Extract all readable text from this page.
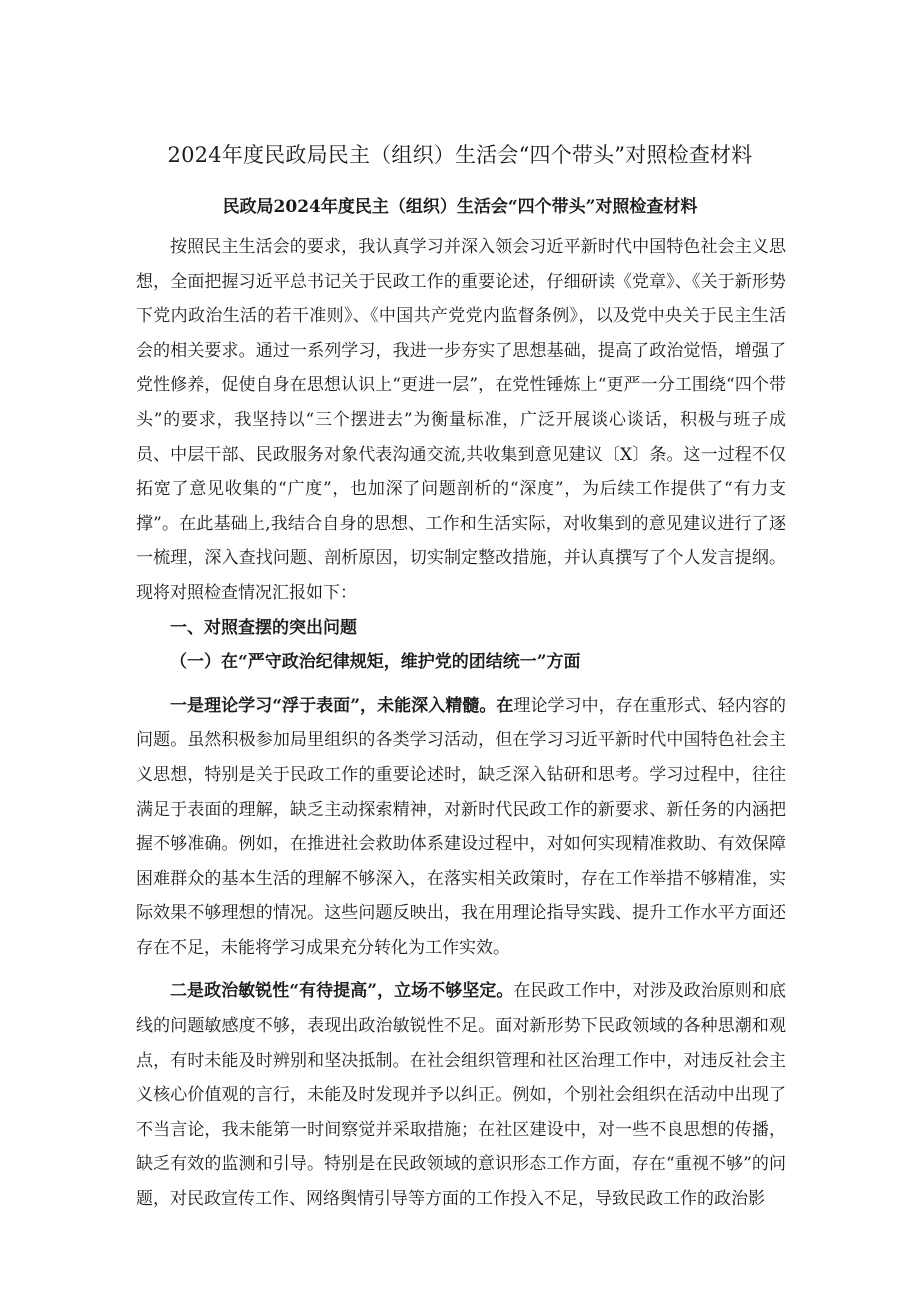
2024年度民政局民主（组织）生活会“四个带头”对照检查材料
民政局2024年度民主（组织）生活会“四个带头”对照检查材料

按照民主生活会的要求，我认真学习并深入领会习近平新时代中国特色社会主义思想，全面把握习近平总书记关于民政工作的重要论述，仔细研读《党章》、《关于新形势下党内政治生活的若干准则》、《中国共产党党内监督条例》，以及党中央关于民主生活会的相关要求。通过一系列学习，我进一步夯实了思想基础，提高了政治觉悟，增强了党性修养，促使自身在思想认识上“更进一层”，在党性锤炼上“更严一分工围绕“四个带头”的要求，我坚持以“三个摆进去”为衡量标准，广泛开展谈心谈话，积极与班子成员、中层干部、民政服务对象代表沟通交流,共收集到意见建议〔X〕条。这一过程不仅拓宽了意见收集的“广度”，也加深了问题剖析的“深度”，为后续工作提供了“有力支撑”。在此基础上,我结合自身的思想、工作和生活实际，对收集到的意见建议进行了逐一梳理，深入查找问题、剖析原因，切实制定整改措施，并认真撰写了个人发言提纲。现将对照检查情况汇报如下：

一、对照查摆的突出问题

（一）在“严守政治纪律规矩，维护党的团结统一”方面

一是理论学习“浮于表面”，未能深入精髓。在理论学习中，存在重形式、轻内容的问题。虽然积极参加局里组织的各类学习活动，但在学习习近平新时代中国特色社会主义思想，特别是关于民政工作的重要论述时，缺乏深入钻研和思考。学习过程中，往往满足于表面的理解，缺乏主动探索精神，对新时代民政工作的新要求、新任务的内涵把握不够准确。例如，在推进社会救助体系建设过程中，对如何实现精准救助、有效保障困难群众的基本生活的理解不够深入，在落实相关政策时，存在工作举措不够精准，实际效果不够理想的情况。这些问题反映出，我在用理论指导实践、提升工作水平方面还存在不足，未能将学习成果充分转化为工作实效。

二是政治敏锐性“有待提高”，立场不够坚定。在民政工作中，对涉及政治原则和底线的问题敏感度不够，表现出政治敏锐性不足。面对新形势下民政领域的各种思潮和观点，有时未能及时辨别和坚决抵制。在社会组织管理和社区治理工作中，对违反社会主义核心价值观的言行，未能及时发现并予以纠正。例如，个别社会组织在活动中出现了不当言论，我未能第一时间察觉并采取措施；在社区建设中，对一些不良思想的传播，缺乏有效的监测和引导。特别是在民政领域的意识形态工作方面，存在“重视不够”的问题，对民政宣传工作、网络舆情引导等方面的工作投入不足，导致民政工作的政治影
